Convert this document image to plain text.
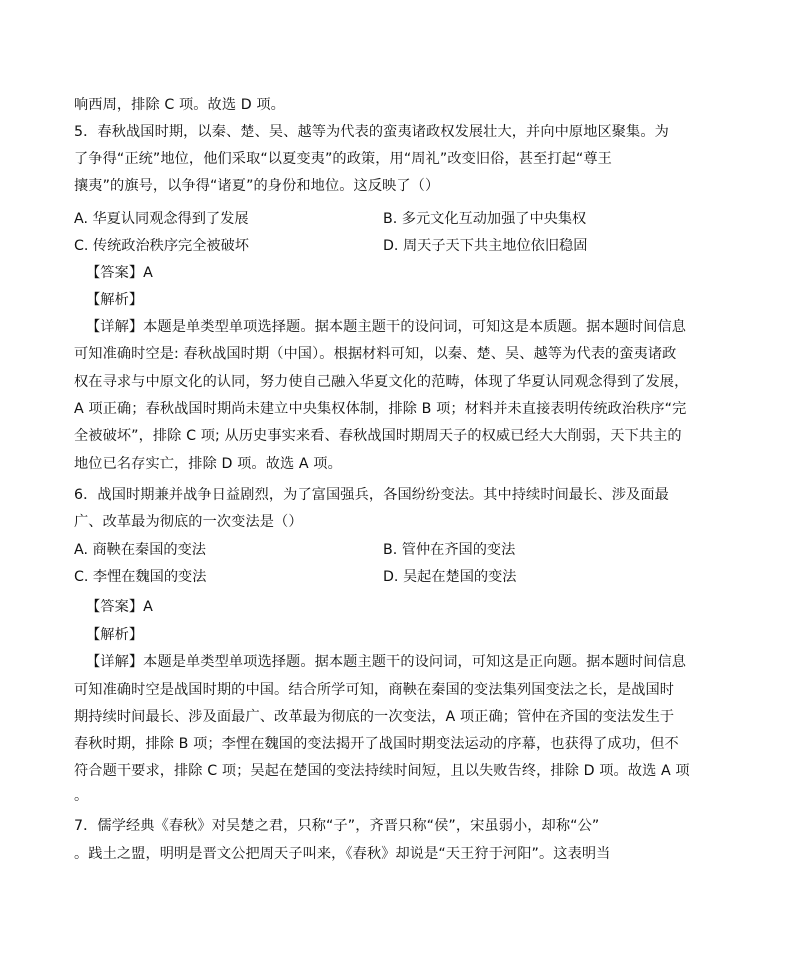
响西周，排除 C 项。故选 D 项。
5．春秋战国时期，以秦、楚、吴、越等为代表的蛮夷诸政权发展壮大，并向中原地区聚集。为
了争得“正统”地位，他们采取“以夏变夷”的政策，用“周礼”改变旧俗，甚至打起“尊王
攘夷”的旗号，以争得“诸夏”的身份和地位。这反映了（）
A. 华夏认同观念得到了发展	B. 多元文化互动加强了中央集权
C. 传统政治秩序完全被破坏	D. 周天子天下共主地位依旧稳固
【答案】A
【解析】
【详解】本题是单类型单项选择题。据本题主题干的设问词，可知这是本质题。据本题时间信息
可知准确时空是: 春秋战国时期（中国）。根据材料可知，以秦、楚、吴、越等为代表的蛮夷诸政
权在寻求与中原文化的认同，努力使自己融入华夏文化的范畴，体现了华夏认同观念得到了发展，
A 项正确；春秋战国时期尚未建立中央集权体制，排除 B 项；材料并未直接表明传统政治秩序“完
全被破坏”，排除 C 项; 从历史事实来看、春秋战国时期周天子的权威已经大大削弱，天下共主的
地位已名存实亡，排除 D 项。故选 A 项。
6．战国时期兼并战争日益剧烈，为了富国强兵，各国纷纷变法。其中持续时间最长、涉及面最
广、改革最为彻底的一次变法是（）
A. 商鞅在秦国的变法	B. 管仲在齐国的变法
C. 李悝在魏国的变法	D. 吴起在楚国的变法
【答案】A
【解析】
【详解】本题是单类型单项选择题。据本题主题干的设问词，可知这是正向题。据本题时间信息
可知准确时空是战国时期的中国。结合所学可知，商鞅在秦国的变法集列国变法之长，是战国时
期持续时间最长、涉及面最广、改革最为彻底的一次变法，A 项正确；管仲在齐国的变法发生于
春秋时期，排除 B 项；李悝在魏国的变法揭开了战国时期变法运动的序幕，也获得了成功，但不
符合题干要求，排除 C 项；吴起在楚国的变法持续时间短，且以失败告终，排除 D 项。故选 A 项
。
7．儒学经典《春秋》对吴楚之君，只称“子”，齐晋只称“侯”，宋虽弱小，却称“公”
。践土之盟，明明是晋文公把周天子叫来，《春秋》却说是“天王狩于河阳”。这表明当
